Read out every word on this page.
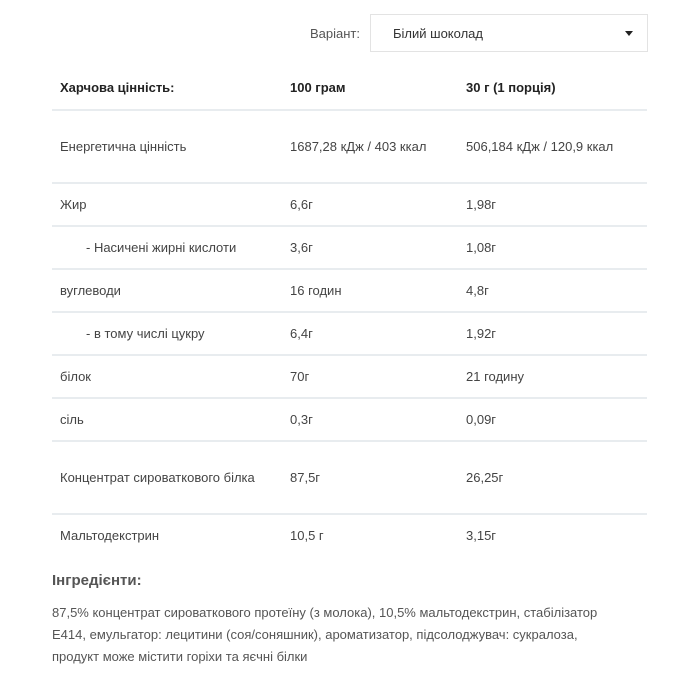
Варіант:	Білий шоколад
Харчова цінність:	100 грам	30 г (1 порція)
Енергетична цінність	1687,28 кДж / 403 ккал	506,184 кДж / 120,9 ккал
Жир	6,6г	1,98г
- Насичені жирні кислоти	3,6г	1,08г
вуглеводи	16 годин	4,8г
- в тому числі цукру	6,4г	1,92г
білок	70г	21 годину
сіль	0,3г	0,09г
Концентрат сироваткового білка	87,5г	26,25г
Мальтодекстрин	10,5 г	3,15г
Інгредієнти:
87,5% концентрат сироваткового протеїну (з молока), 10,5% мальтодекстрин, стабілізатор Е414, емульгатор: лецитини (соя/соняшник), ароматизатор, підсолоджувач: сукралоза, продукт може містити горіхи та яєчні білки
